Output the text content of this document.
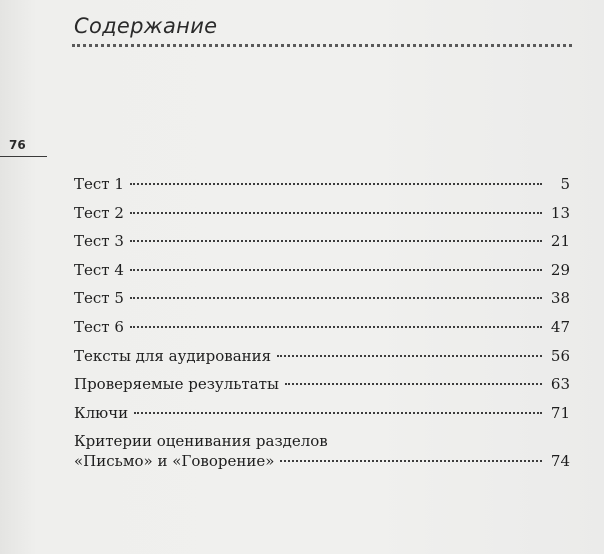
Содержание
76
Тест 1	5
Тест 2	13
Тест 3	21
Тест 4	29
Тест 5	38
Тест 6	47
Тексты для аудирования	56
Проверяемые результаты	63
Ключи	71
Критерии оценивания разделов
«Письмо» и «Говорение»	74
